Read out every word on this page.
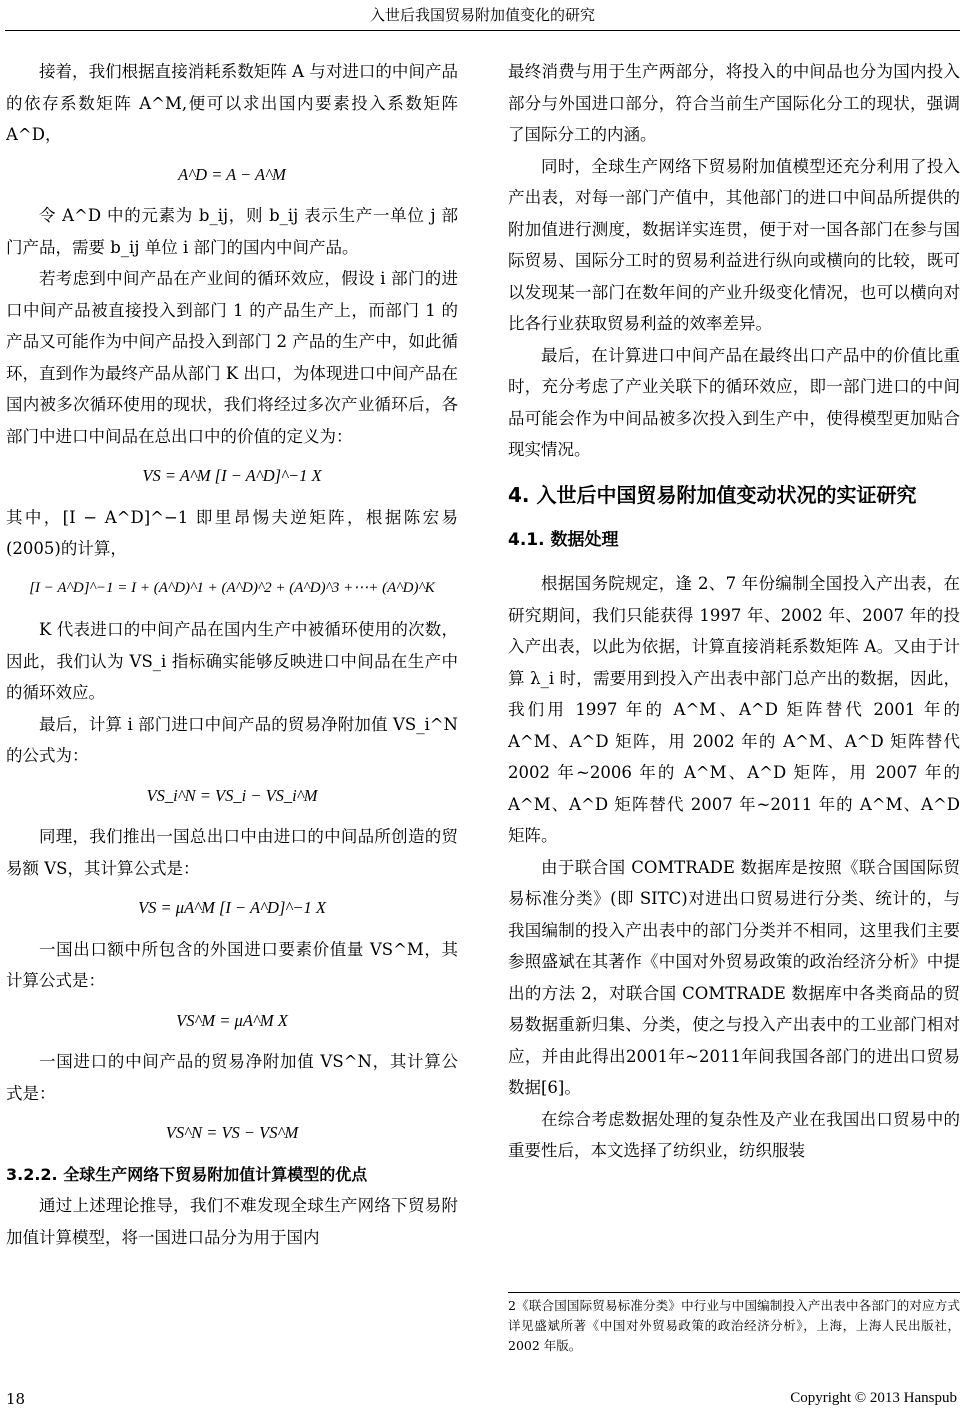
入世后我国贸易附加值变化的研究

接着，我们根据直接消耗系数矩阵 A 与对进口的中间产品的依存系数矩阵 A^M,便可以求出国内要素投入系数矩阵 A^D，

A^D = A − A^M

令 A^D 中的元素为 b_ij，则 b_ij 表示生产一单位 j 部门产品，需要 b_ij 单位 i 部门的国内中间产品。

若考虑到中间产品在产业间的循环效应，假设 i 部门的进口中间产品被直接投入到部门 1 的产品生产上，而部门 1 的产品又可能作为中间产品投入到部门 2 产品的生产中，如此循环，直到作为最终产品从部门 K 出口，为体现进口中间产品在国内被多次循环使用的现状，我们将经过多次产业循环后，各部门中进口中间品在总出口中的价值的定义为：

VS = A^M [I − A^D]^−1 X

其中，[I − A^D]^−1 即里昂惕夫逆矩阵，根据陈宏易(2005)的计算，

[I − A^D]^−1 = I + (A^D)^1 + (A^D)^2 + (A^D)^3 +⋯+ (A^D)^K

K 代表进口的中间产品在国内生产中被循环使用的次数，因此，我们认为 VS_i 指标确实能够反映进口中间品在生产中的循环效应。

最后，计算 i 部门进口中间产品的贸易净附加值 VS_i^N 的公式为：

VS_i^N = VS_i − VS_i^M

同理，我们推出一国总出口中由进口的中间品所创造的贸易额 VS，其计算公式是：

VS = μA^M [I − A^D]^−1 X

一国出口额中所包含的外国进口要素价值量 VS^M，其计算公式是：

VS^M = μA^M X

一国进口的中间产品的贸易净附加值 VS^N，其计算公式是：

VS^N = VS − VS^M
3.2.2. 全球生产网络下贸易附加值计算模型的优点

通过上述理论推导，我们不难发现全球生产网络下贸易附加值计算模型，将一国进口品分为用于国内

最终消费与用于生产两部分，将投入的中间品也分为国内投入部分与外国进口部分，符合当前生产国际化分工的现状，强调了国际分工的内涵。

同时，全球生产网络下贸易附加值模型还充分利用了投入产出表，对每一部门产值中，其他部门的进口中间品所提供的附加值进行测度，数据详实连贯，便于对一国各部门在参与国际贸易、国际分工时的贸易利益进行纵向或横向的比较，既可以发现某一部门在数年间的产业升级变化情况，也可以横向对比各行业获取贸易利益的效率差异。

最后，在计算进口中间产品在最终出口产品中的价值比重时，充分考虑了产业关联下的循环效应，即一部门进口的中间品可能会作为中间品被多次投入到生产中，使得模型更加贴合现实情况。

4. 入世后中国贸易附加值变动状况的实证研究
4.1. 数据处理

根据国务院规定，逢 2、7 年份编制全国投入产出表，在研究期间，我们只能获得 1997 年、2002 年、2007 年的投入产出表，以此为依据，计算直接消耗系数矩阵 A。又由于计算 λ_i 时，需要用到投入产出表中部门总产出的数据，因此，我们用 1997 年的 A^M、A^D 矩阵替代 2001 年的 A^M、A^D 矩阵，用 2002 年的 A^M、A^D 矩阵替代 2002 年~2006 年的 A^M、A^D 矩阵，用 2007 年的 A^M、A^D 矩阵替代 2007 年~2011 年的 A^M、A^D 矩阵。

由于联合国 COMTRADE 数据库是按照《联合国国际贸易标准分类》(即 SITC)对进出口贸易进行分类、统计的，与我国编制的投入产出表中的部门分类并不相同，这里我们主要参照盛斌在其著作《中国对外贸易政策的政治经济分析》中提出的方法 2，对联合国 COMTRADE 数据库中各类商品的贸易数据重新归集、分类，使之与投入产出表中的工业部门相对应，并由此得出2001年~2011年间我国各部门的进出口贸易数据[6]。

在综合考虑数据处理的复杂性及产业在我国出口贸易中的重要性后，本文选择了纺织业，纺织服装

2《联合国国际贸易标准分类》中行业与中国编制投入产出表中各部门的对应方式详见盛斌所著《中国对外贸易政策的政治经济分析》，上海，上海人民出版社，2002 年版。
18	Copyright © 2013 Hanspub
